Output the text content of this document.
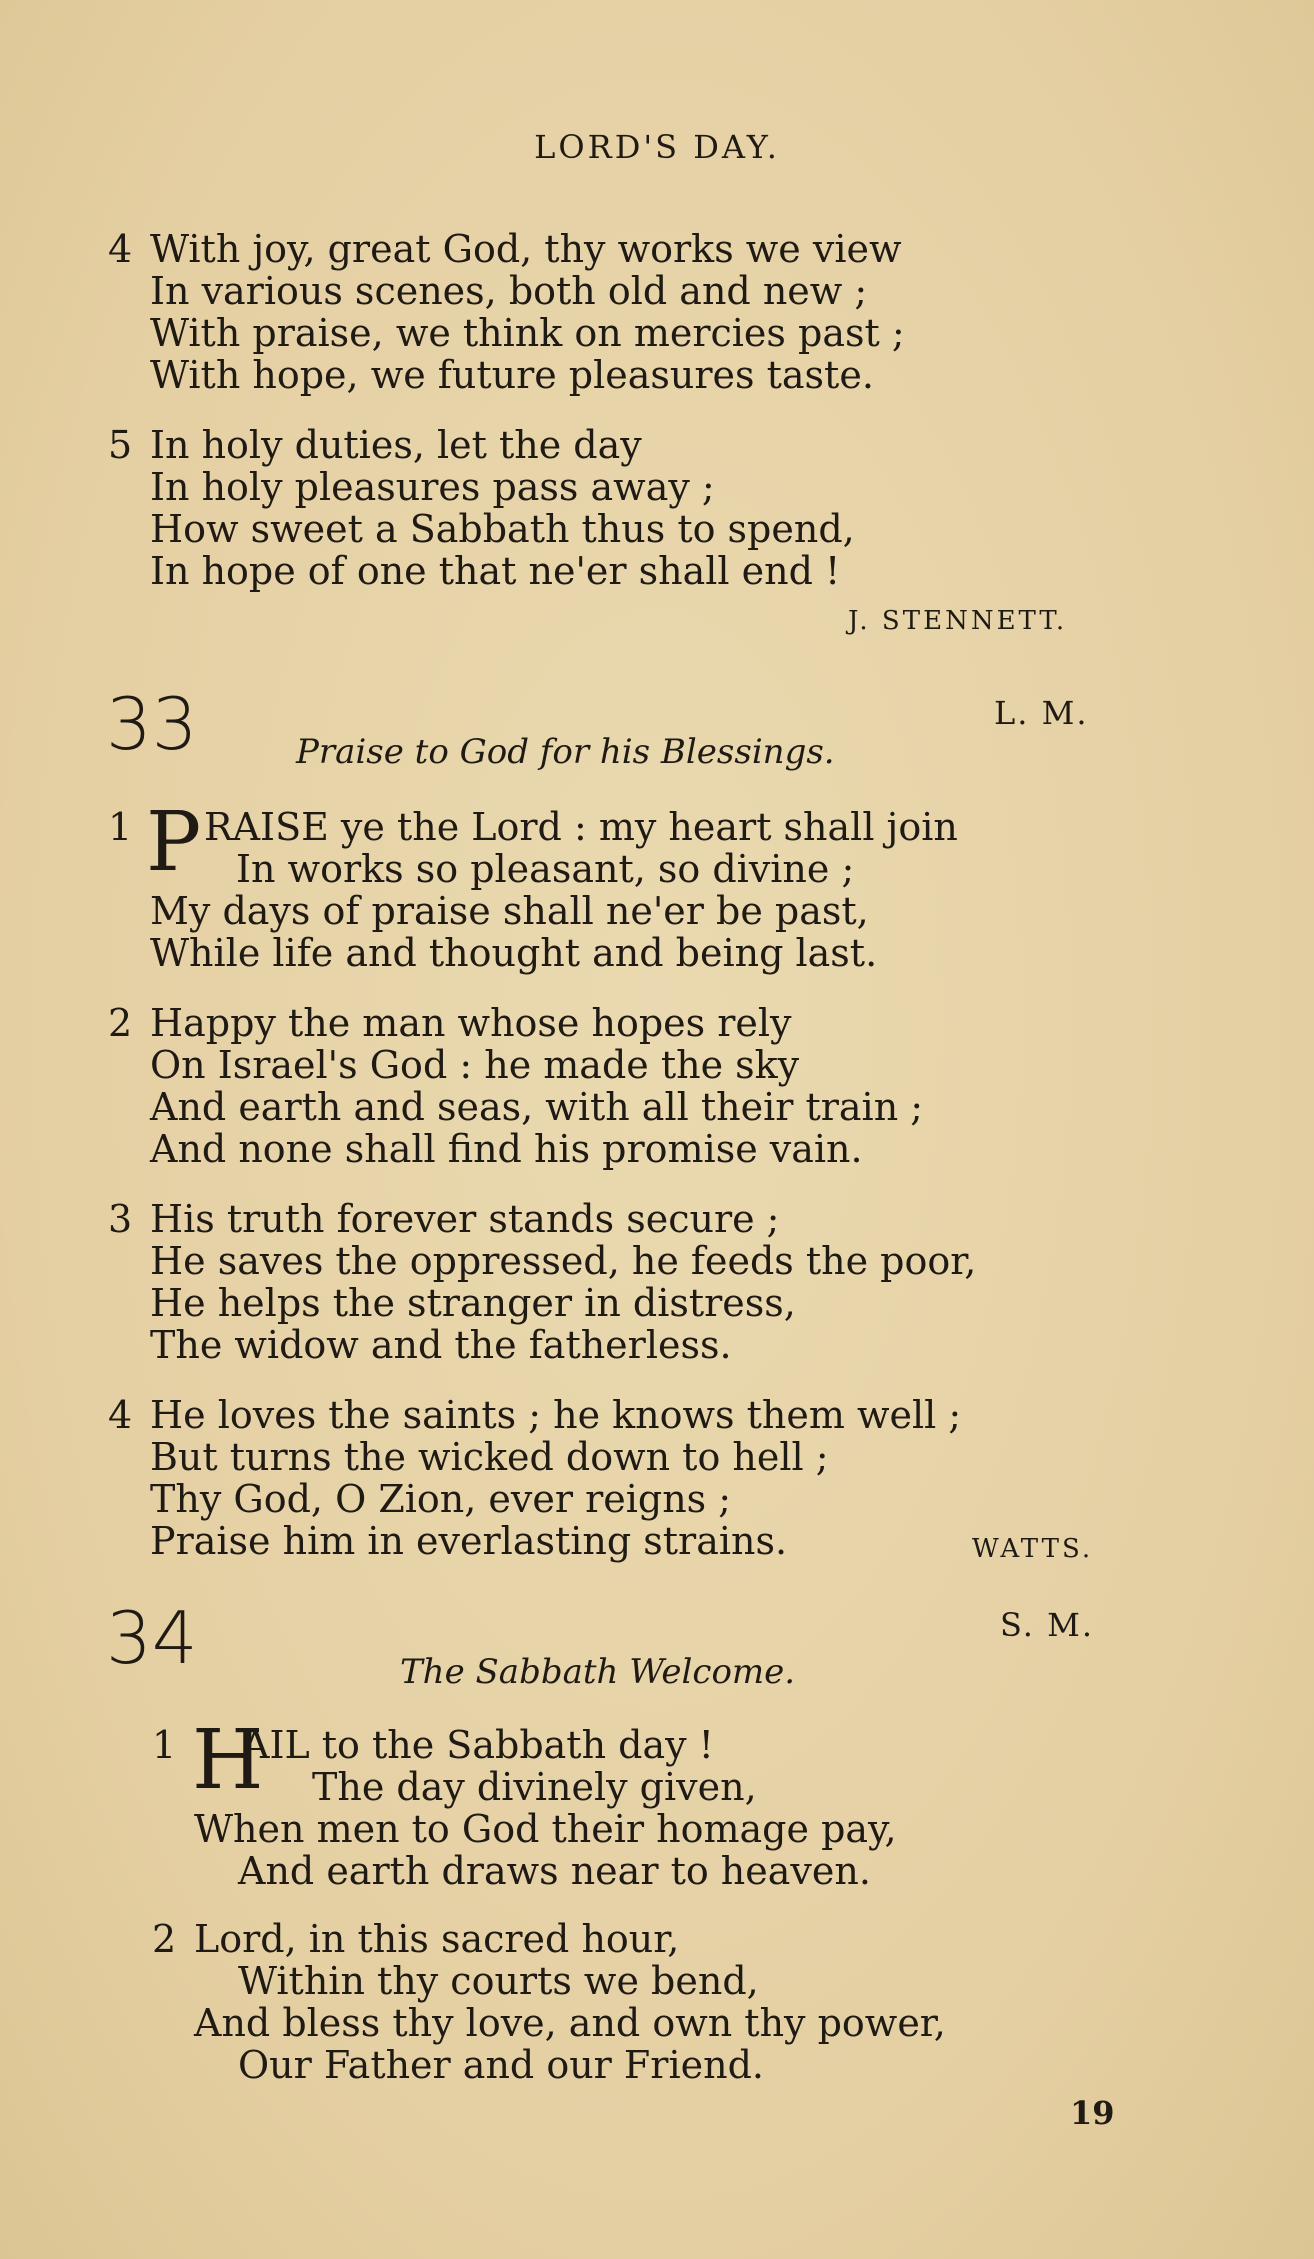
LORD'S DAY.
4 With joy, great God, thy works we view
In various scenes, both old and new ;
With praise, we think on mercies past ;
With hope, we future pleasures taste.
5 In holy duties, let the day
In holy pleasures pass away ;
How sweet a Sabbath thus to spend,
In hope of one that ne'er shall end !
J. STENNETT.
33	L. M.
Praise to God for his Blessings.
1 P RAISE ye the Lord : my heart shall join
In works so pleasant, so divine ;
My days of praise shall ne'er be past,
While life and thought and being last.
2 Happy the man whose hopes rely
On Israel's God : he made the sky
And earth and seas, with all their train ;
And none shall find his promise vain.
3 His truth forever stands secure ;
He saves the oppressed, he feeds the poor,
He helps the stranger in distress,
The widow and the fatherless.
4 He loves the saints ; he knows them well ;
But turns the wicked down to hell ;
Thy God, O Zion, ever reigns ;
Praise him in everlasting strains.	WATTS.
34	S. M.
The Sabbath Welcome.
1 H
AIL to the Sabbath day !
The day divinely given,
When men to God their homage pay,
And earth draws near to heaven.
2 Lord, in this sacred hour,
Within thy courts we bend,
And bless thy love, and own thy power,
Our Father and our Friend.
19
